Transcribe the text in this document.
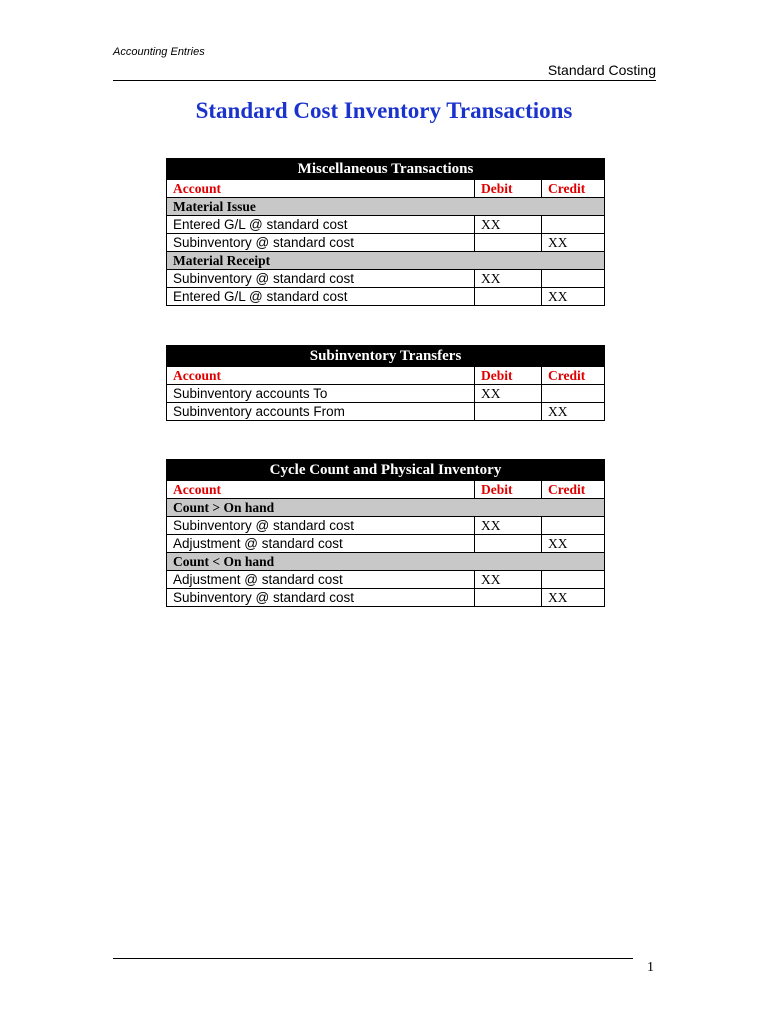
Accounting Entries
Standard Costing
Standard Cost Inventory Transactions
Miscellaneous Transactions		
Account	Debit	Credit
Material Issue		
Entered G/L @ standard cost	XX	
Subinventory @ standard cost		XX
Material Receipt		
Subinventory @ standard cost	XX	
Entered G/L @ standard cost		XX
Subinventory Transfers		
Account	Debit	Credit
Subinventory accounts To	XX	
Subinventory accounts From		XX
Cycle Count and Physical Inventory		
Account	Debit	Credit
Count > On hand		
Subinventory @ standard cost	XX	
Adjustment @ standard cost		XX
Count < On hand		
Adjustment @ standard cost	XX	
Subinventory @ standard cost		XX
1
